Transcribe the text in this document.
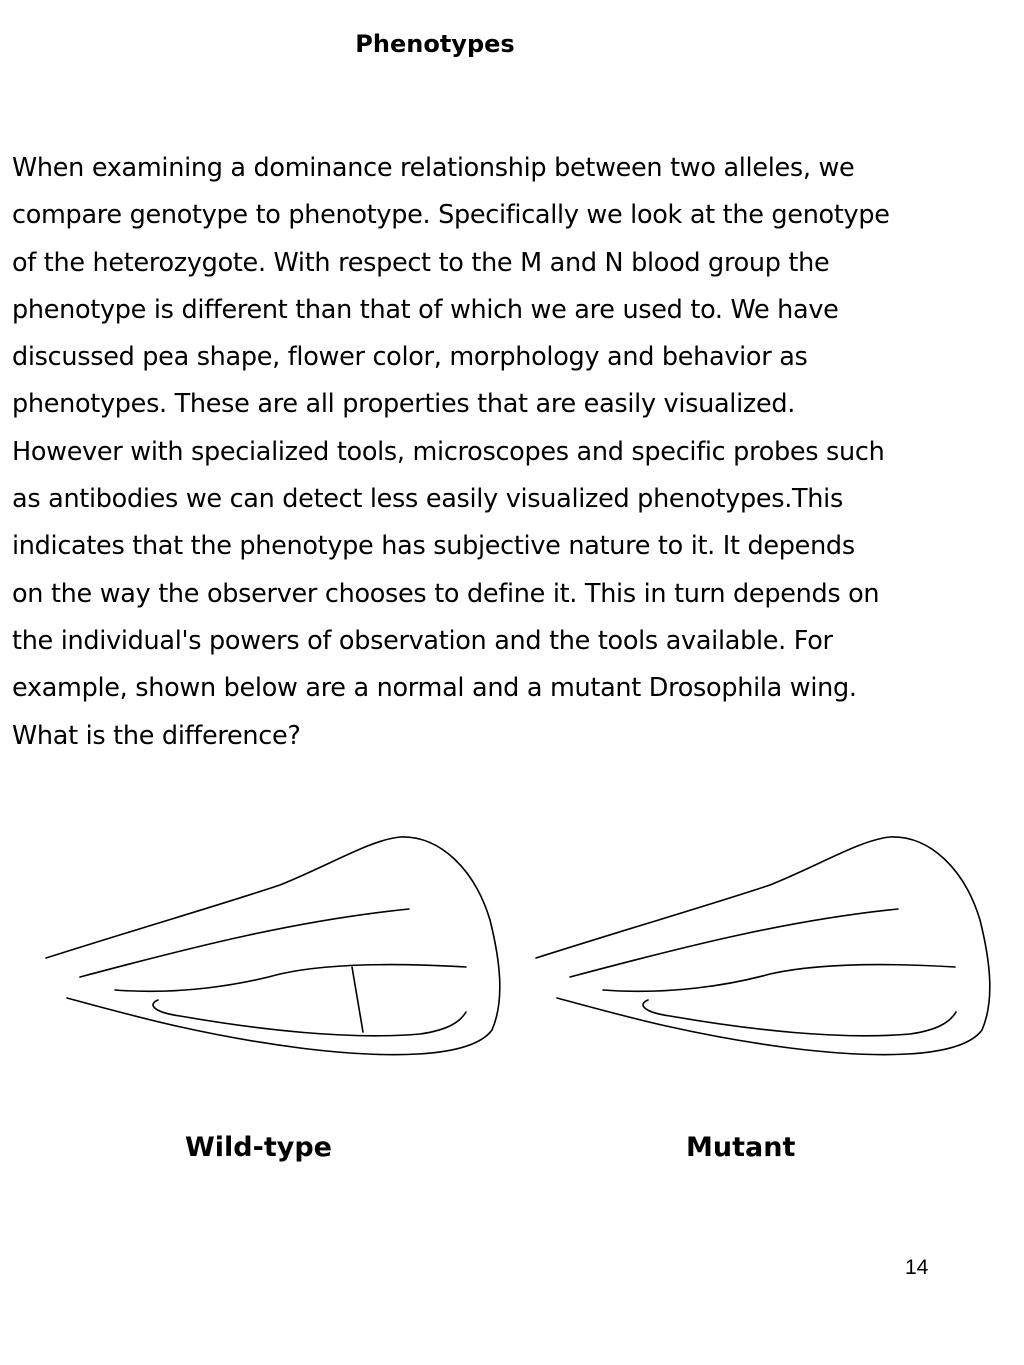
Phenotypes
When examining a dominance relationship between two alleles, we
compare genotype to phenotype. Specifically we look at the genotype
of the heterozygote. With respect to the M and N blood group the
phenotype is different than that of which we are used to. We have
discussed pea shape, flower color, morphology and behavior as
phenotypes. These are all properties that are easily visualized.
However with specialized tools, microscopes and specific probes such
as antibodies we can detect less easily visualized phenotypes.This
indicates that the phenotype has subjective nature to it. It depends
on the way the observer chooses to define it. This in turn depends on
the individual's powers of observation and the tools available. For
example, shown below are a normal and a mutant Drosophila wing.
What is the difference?
Wild-type	Mutant
14
